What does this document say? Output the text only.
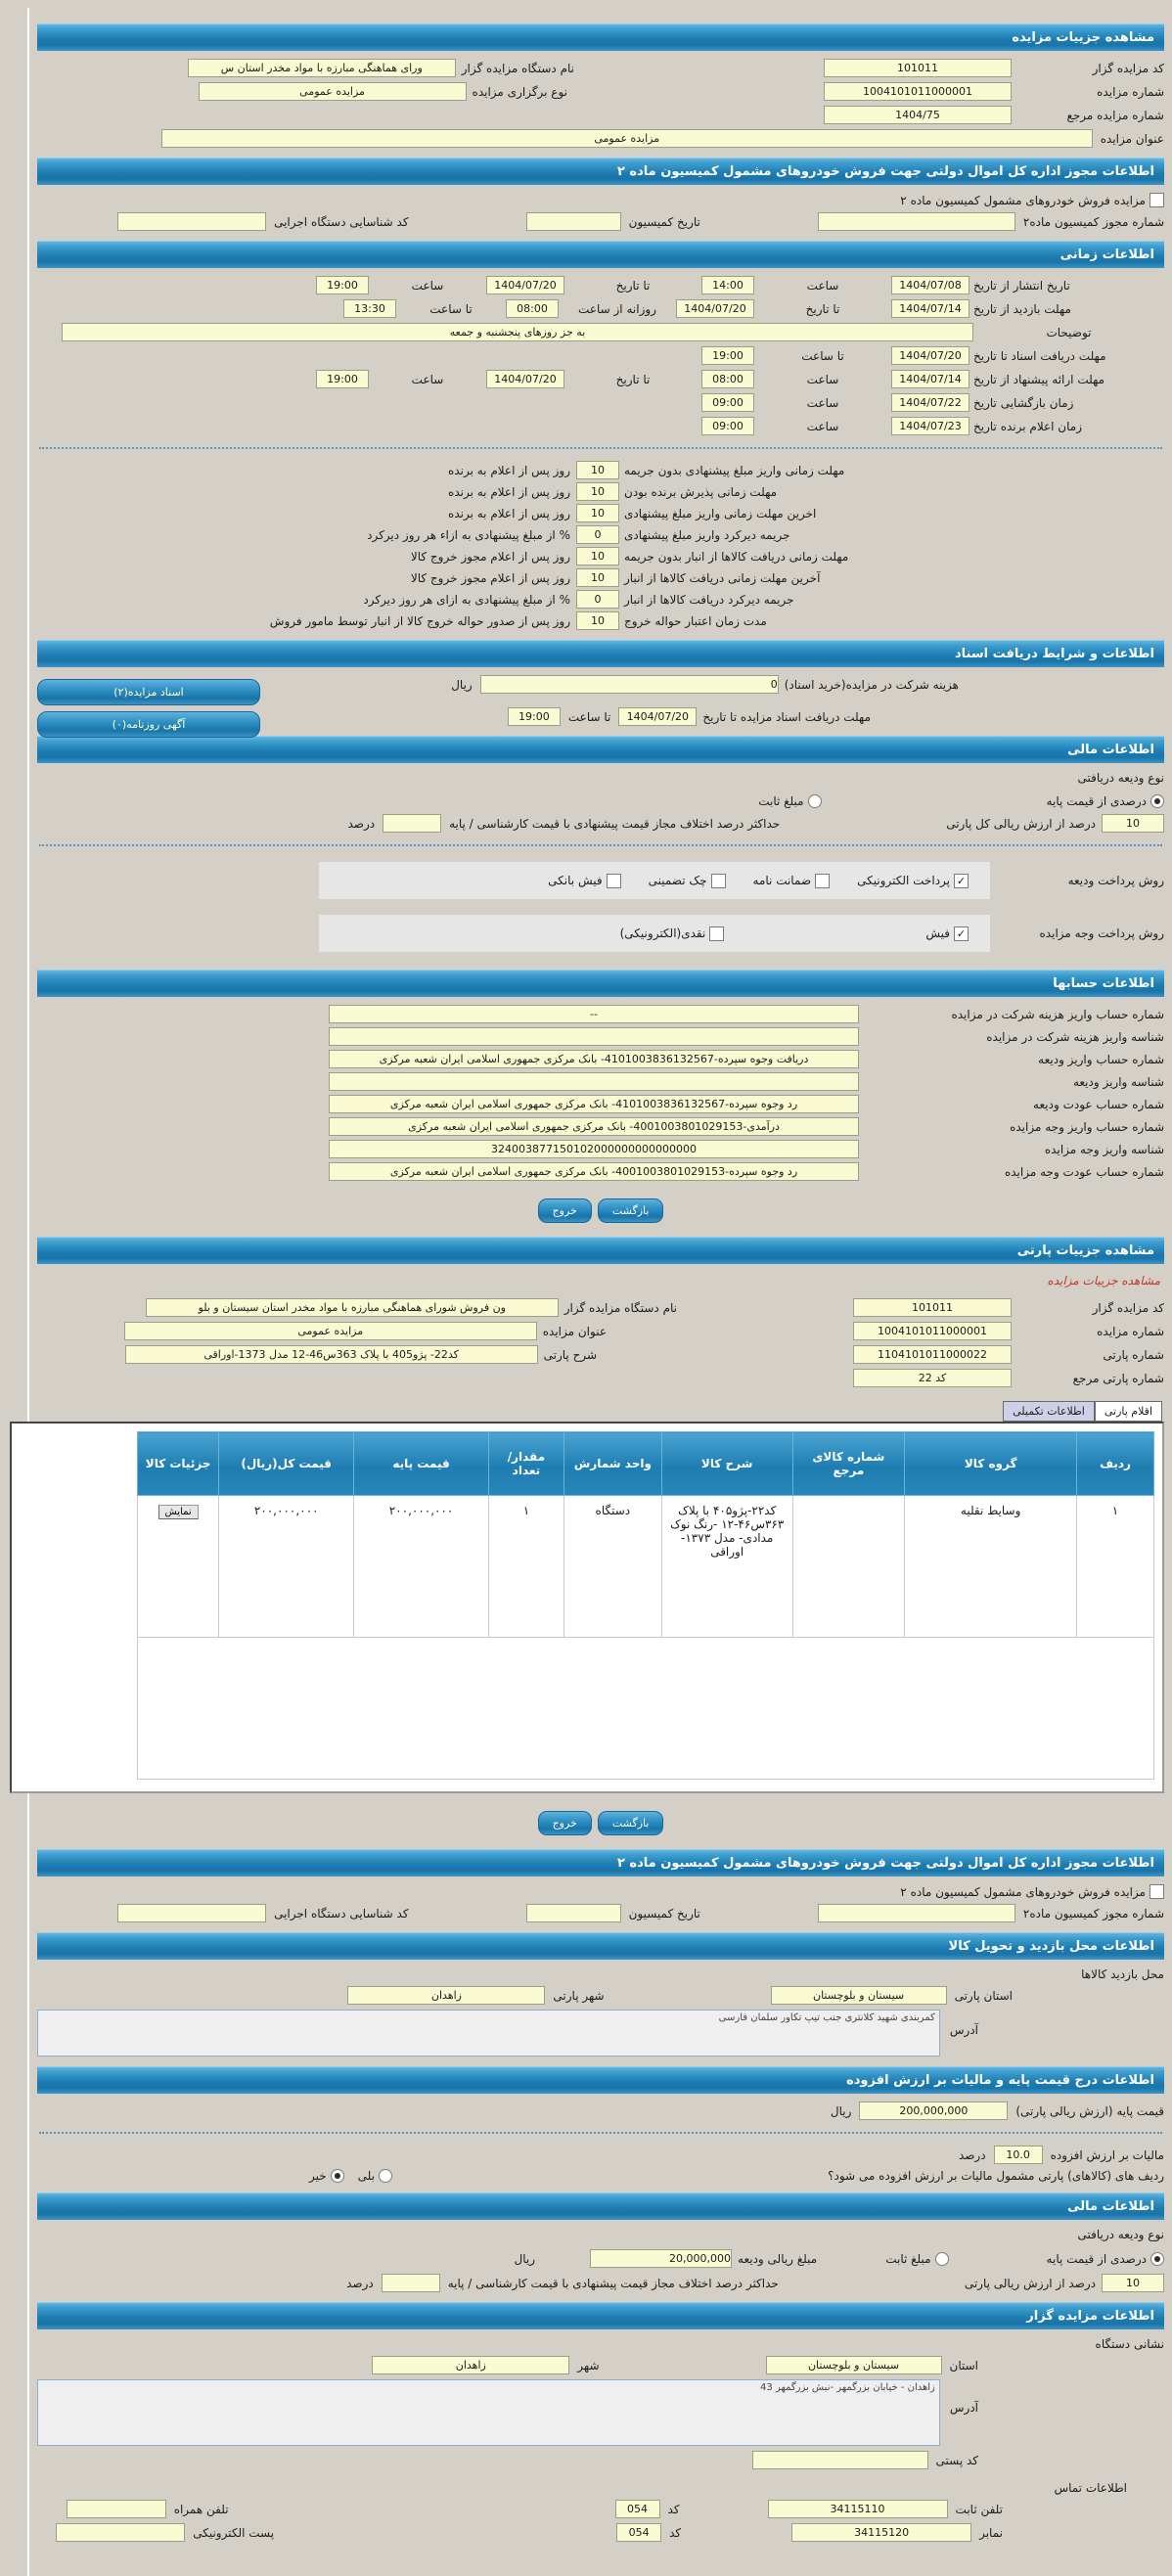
مشاهده جزییات مزایده
کد مزایده گزار
101011
نام دستگاه مزایده گزار
ورای هماهنگی مبارزه با مواد مخدر استان س
شماره مزایده
1004101011000001
نوع برگزاری مزایده
مزایده عمومی
شماره مزایده مرجع
1404/75
عنوان مزایده
مزایده عمومی
اطلاعات مجوز اداره کل اموال دولتی جهت فروش خودروهای مشمول کمیسیون ماده ۲
مزایده فروش خودروهای مشمول کمیسیون ماده ۲
شماره مجوز کمیسیون ماده۲
تاریخ کمیسیون
کد شناسایی دستگاه اجرایی
اطلاعات زمانی
تاریخ انتشار از تاریخ
1404/07/08
ساعت
14:00
تا تاریخ
1404/07/20
ساعت
19:00
مهلت بازدید از تاریخ
1404/07/14
تا تاریخ
1404/07/20
روزانه از ساعت
08:00
تا ساعت
13:30
توضیحات
به جز روزهای پنجشنبه و جمعه
مهلت دریافت اسناد تا تاریخ
1404/07/20
تا ساعت
19:00
مهلت ارائه پیشنهاد از تاریخ
1404/07/14
ساعت
08:00
تا تاریخ
1404/07/20
ساعت
19:00
زمان بازگشایی تاریخ
1404/07/22
ساعت
09:00
زمان اعلام برنده تاریخ
1404/07/23
ساعت
09:00
مهلت زمانی واریز مبلغ پیشنهادی بدون جریمه
10
روز پس از اعلام به برنده
مهلت زمانی پذیرش برنده بودن
10
روز پس از اعلام به برنده
اخرین مهلت زمانی واریز مبلغ پیشنهادی
10
روز پس از اعلام به برنده
جریمه دیرکرد واریز مبلغ پیشنهادی
0
% از مبلغ پیشنهادی به ازاء هر روز دیرکرد
مهلت زمانی دریافت کالاها از انبار بدون جریمه
10
روز پس از اعلام مجوز خروج کالا
آخرین مهلت زمانی دریافت کالاها از انبار
10
روز پس از اعلام مجوز خروج کالا
جریمه دیرکرد دریافت کالاها از انبار
0
% از مبلغ پیشنهادی به ازای هر روز دیرکرد
مدت زمان اعتبار حواله خروج
10
روز پس از صدور حواله خروج کالا از انبار توسط مامور فروش
اطلاعات و شرایط دریافت اسناد
اسناد مزایده(۲)
آگهی روزنامه(۰)
هزینه شرکت در مزایده(خرید اسناد)
0
ریال
مهلت دریافت اسناد مزایده تا تاریخ
1404/07/20
تا ساعت
19:00
اطلاعات مالی
نوع ودیعه دریافتی
درصدی از قیمت پایه
مبلغ ثابت
10
درصد از ارزش ریالی کل پارتی
حداکثر درصد اختلاف مجاز قیمت پیشنهادی با قیمت کارشناسی / پایه
درصد
روش پرداخت ودیعه
✓
پرداخت الکترونیکی
ضمانت نامه
چک تضمینی
فیش بانکی
روش پرداخت وجه مزایده
✓
فیش
نقدی(الکترونیکی)
اطلاعات حسابها
شماره حساب واریز هزینه شرکت در مزایده
--
شناسه واریز هزینه شرکت در مزایده
شماره حساب واریز ودیعه
دریافت وجوه سپرده-4101003836132567- بانک مرکزی جمهوری اسلامی ایران شعبه مرکزی
شناسه واریز ودیعه
شماره حساب عودت ودیعه
رد وجوه سپرده-4101003836132567- بانک مرکزی جمهوری اسلامی ایران شعبه مرکزی
شماره حساب واریز وجه مزایده
درآمدی-4001003801029153- بانک مرکزی جمهوری اسلامی ایران شعبه مرکزی
شناسه واریز وجه مزایده
324003877150102000000000000000
شماره حساب عودت وجه مزایده
رد وجوه سپرده-4001003801029153- بانک مرکزی جمهوری اسلامی ایران شعبه مرکزی
بازگشت
خروج
مشاهده جزییات پارتی
مشاهده جزییات مزایده
کد مزایده گزار
101011
نام دستگاه مزایده گزار
ون فروش شورای هماهنگی مبارزه با مواد مخدر استان سیستان و بلو
شماره مزایده
1004101011000001
عنوان مزایده
مزایده عمومی
شماره پارتی
1104101011000022
شرح پارتی
کد22- پژو405 با پلاک 363س46-12 مدل 1373-اوراقی
شماره پارتی مرجع
کد 22
اقلام پارتی
اطلاعات تکمیلی
ردیف	گروه کالا	شماره کالای مرجع	شرح کالا	واحد شمارش	مقدار/ تعداد	قیمت پایه	قیمت کل(ریال)	جزئیات کالا
۱	وسایط نقلیه		کد۲۲-پژو۴۰۵ با پلاک ۳۶۳س۴۶-۱۲ -رنگ نوک مدادی- مدل ۱۳۷۳-اوراقی	دستگاه	۱	۲۰۰,۰۰۰,۰۰۰	۲۰۰,۰۰۰,۰۰۰	نمایش

بازگشت
خروج
اطلاعات مجوز اداره کل اموال دولتی جهت فروش خودروهای مشمول کمیسیون ماده ۲
مزایده فروش خودروهای مشمول کمیسیون ماده ۲
شماره مجوز کمیسیون ماده۲
تاریخ کمیسیون
کد شناسایی دستگاه اجرایی
اطلاعات محل بازدید و تحویل کالا
محل بازدید کالاها
استان پارتی
سیستان و بلوچستان
شهر پارتی
زاهدان
آدرس
کمربندی شهید کلانتری جنب تیپ تکاور سلمان فارسی
اطلاعات درج قیمت پایه و مالیات بر ارزش افزوده
قیمت پایه (ارزش ریالی پارتی)
200,000,000
ریال
مالیات بر ارزش افزوده
10.0
درصد
ردیف های (کالاهای) پارتی مشمول مالیات بر ارزش افزوده می شود؟
بلی
خیر
اطلاعات مالی
نوع ودیعه دریافتی
درصدی از قیمت پایه
مبلغ ثابت
مبلغ ریالی ودیعه
20,000,000
ریال
10
درصد از ارزش ریالی پارتی
حداکثر درصد اختلاف مجاز قیمت پیشنهادی با قیمت کارشناسی / پایه
درصد
اطلاعات مزایده گزار
نشانی دستگاه
استان
سیستان و بلوچستان
شهر
زاهدان
آدرس
زاهدان - خیابان بزرگمهر -نبش بزرگمهر 43
کد پستی
اطلاعات تماس
تلفن ثابت
34115110
کد
054
تلفن همراه
نمابر
34115120
کد
054
پست الکترونیکی
